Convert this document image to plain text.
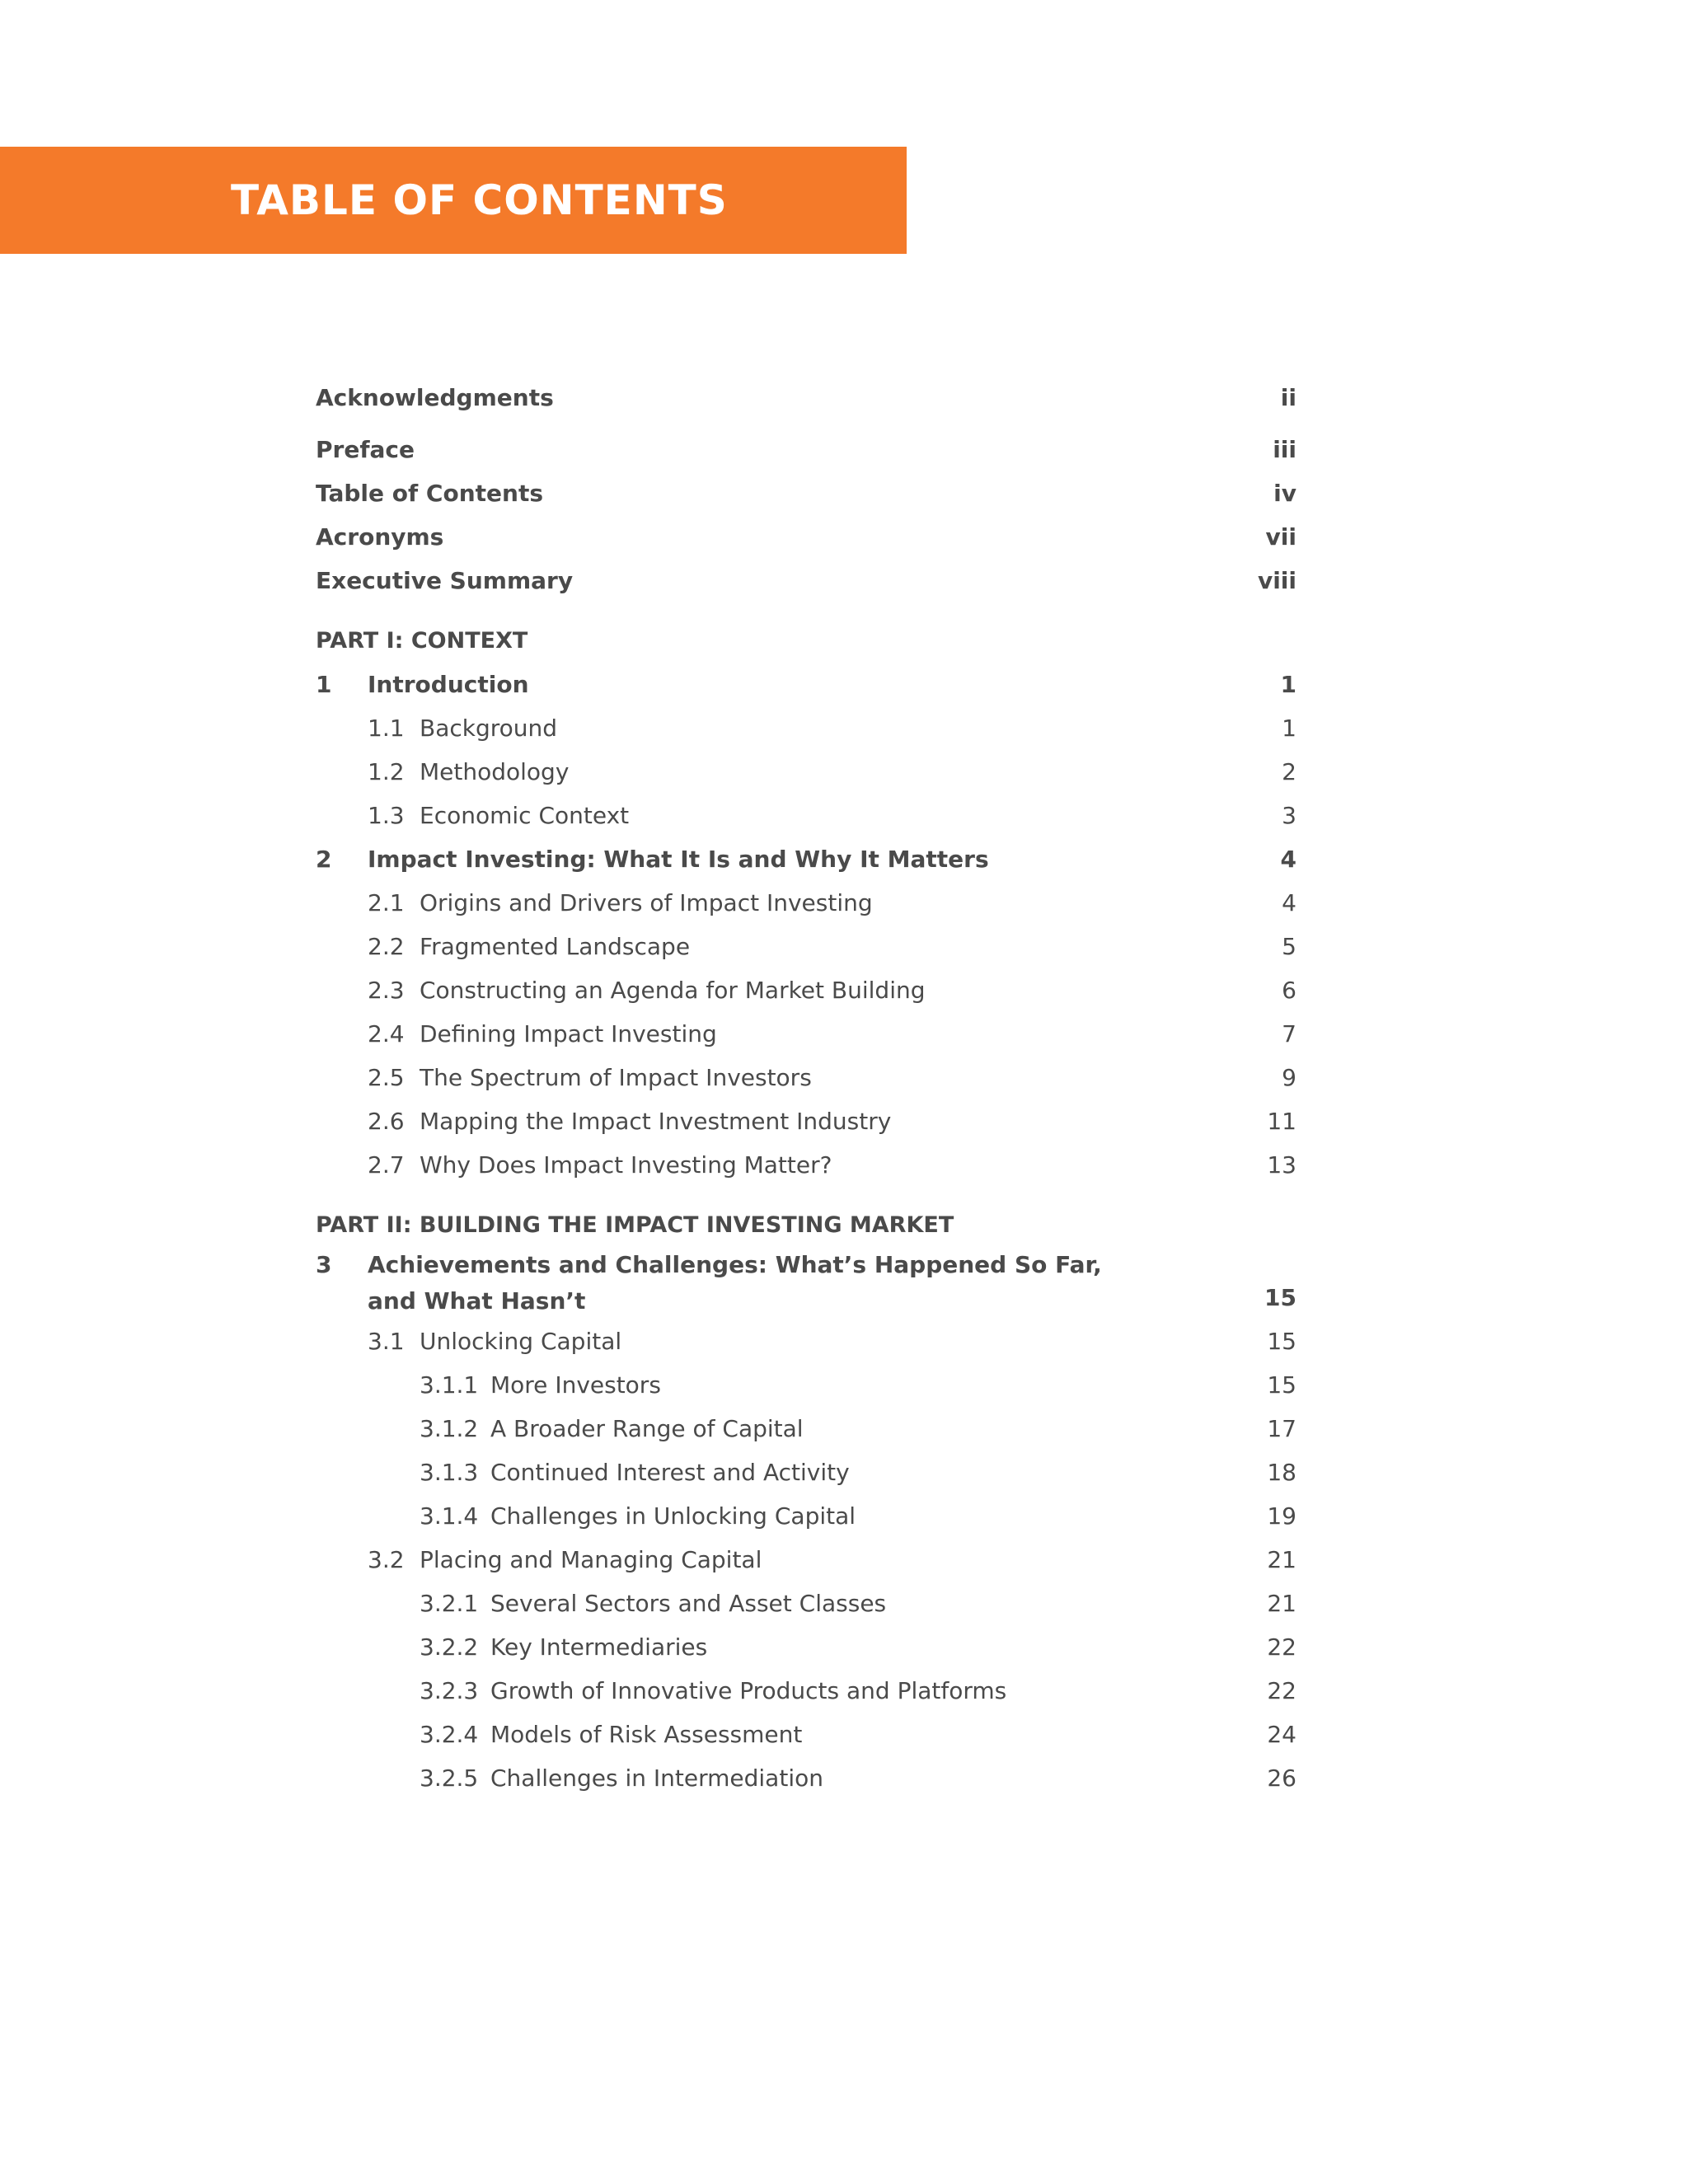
TABLE OF CONTENTS
Acknowledgments	ii
Preface	iii
Table of Contents	iv
Acronyms	vii
Executive Summary	viii
PART I: CONTEXT
1 Introduction	1
1.1 Background	1
1.2 Methodology	2
1.3 Economic Context	3
2 Impact Investing: What It Is and Why It Matters	4
2.1 Origins and Drivers of Impact Investing	4
2.2 Fragmented Landscape	5
2.3 Constructing an Agenda for Market Building	6
2.4 Defining Impact Investing	7
2.5 The Spectrum of Impact Investors	9
2.6 Mapping the Impact Investment Industry	11
2.7 Why Does Impact Investing Matter?	13
PART II: BUILDING THE IMPACT INVESTING MARKET
3 Achievements and Challenges: What’s Happened So Far,
and What Hasn’t	15
3.1 Unlocking Capital	15
3.1.1 More Investors	15
3.1.2 A Broader Range of Capital	17
3.1.3 Continued Interest and Activity	18
3.1.4 Challenges in Unlocking Capital	19
3.2 Placing and Managing Capital	21
3.2.1 Several Sectors and Asset Classes	21
3.2.2 Key Intermediaries	22
3.2.3 Growth of Innovative Products and Platforms	22
3.2.4 Models of Risk Assessment	24
3.2.5 Challenges in Intermediation	26
